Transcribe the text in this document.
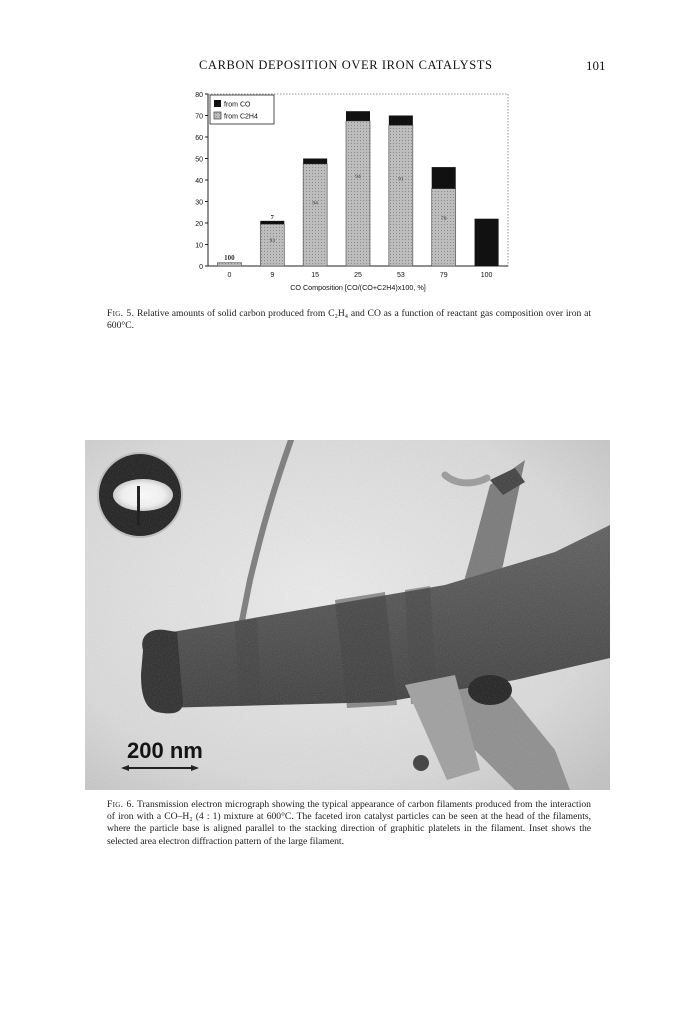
CARBON DEPOSITION OVER IRON CATALYSTS	101
0
10
20
30
40
50
60
70
80
100
0
93
7
9
94
15
94
25
91
53
79
79	100
CO Composition [CO/(CO+C2H4)x100, %]
from CO
from C2H4
Fig. 5. Relative amounts of solid carbon produced from C₂H₄ and CO as a function of reactant gas composition over iron at 600°C.
200 nm
Fig. 6. Transmission electron micrograph showing the typical appearance of carbon filaments produced from the interaction of iron with a CO–H₂ (4 : 1) mixture at 600°C. The faceted iron catalyst particles can be seen at the head of the filaments, where the particle base is aligned parallel to the stacking direction of graphitic platelets in the filament. Inset shows the selected area electron diffraction pattern of the large filament.
